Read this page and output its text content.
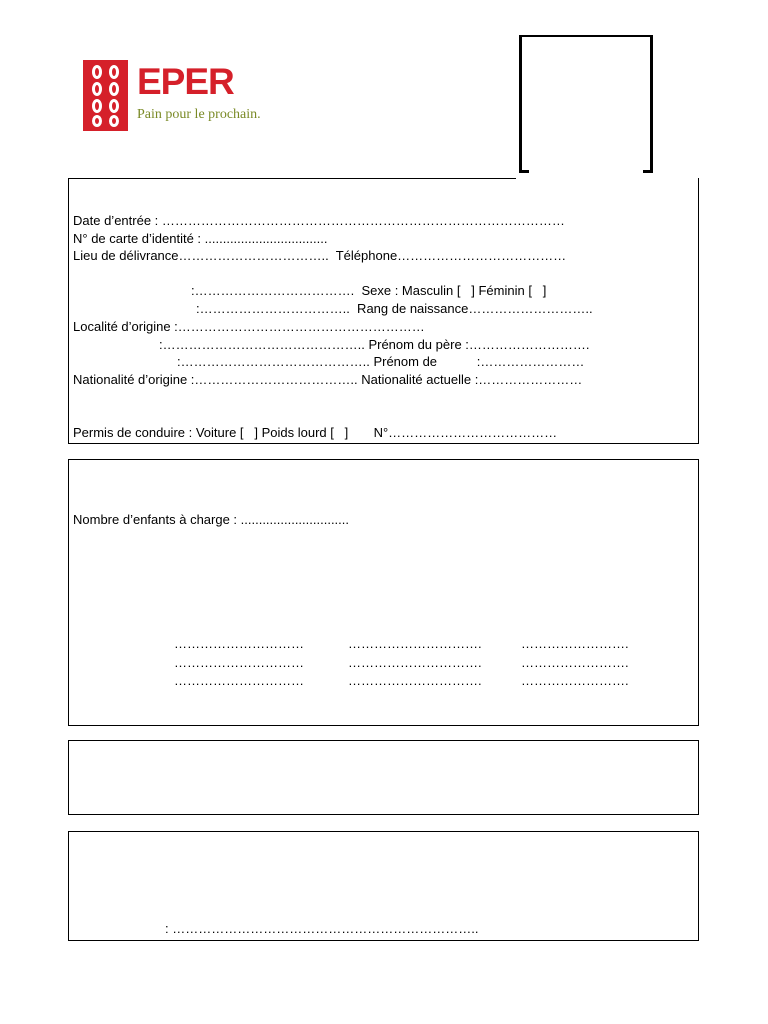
EPER
Pain pour le prochain.
Date d’entrée : …………………………………………………………………………………
N° de carte d’identité : ..................................
Lieu de délivrance……………………………..  Téléphone…………………………………
:……………………………….  Sexe : Masculin [   ] Féminin [   ]
:……………………………..  Rang de naissance………………………..
Localité d’origine :…………………………………………………
:……………………………………….. Prénom du père :……………………….
:…………………………………….. Prénom de           :……………………
Nationalité d’origine :……………………………….. Nationalité actuelle :……………………
Permis de conduire : Voiture [   ] Poids lourd [   ]       N°…………………………………
Nombre d’enfants à charge : ..............................
…………………………	………………………….	…………………….
…………………………	………………………….	…………………….
…………………………	………………………….	…………………….
: ……………………………………………………………..
